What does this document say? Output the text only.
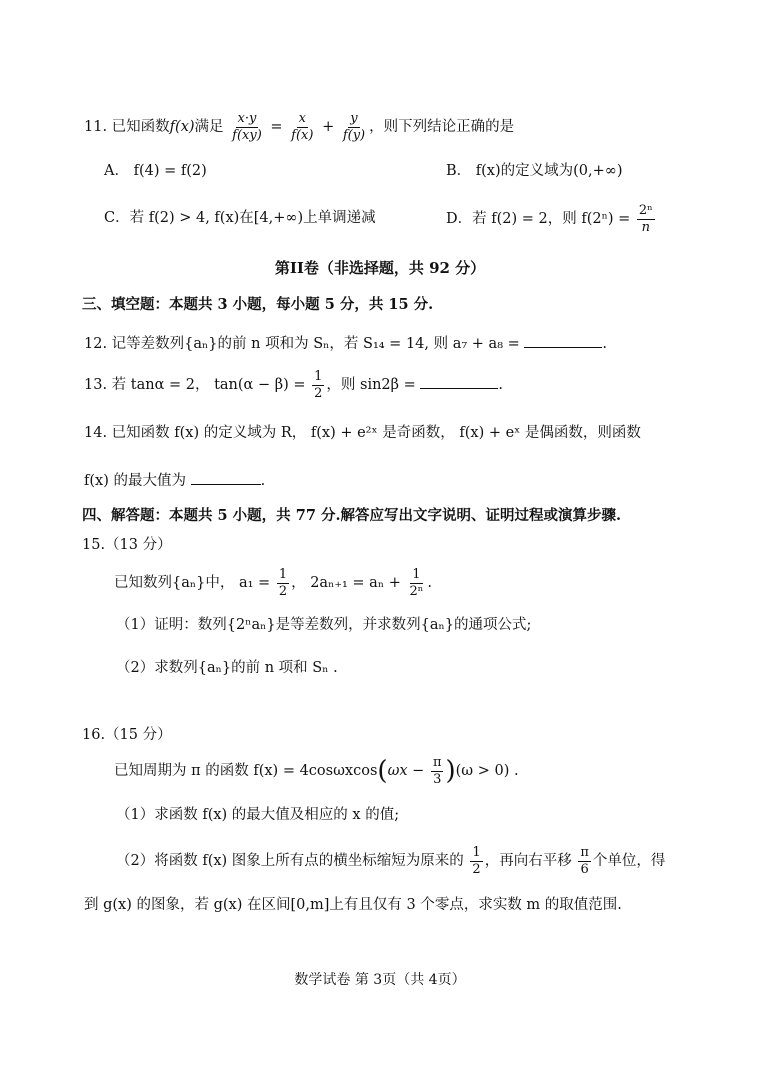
11. 已知函数f(x)满足 $\frac{x\cdot y}{f(xy)} = \frac{x}{f(x)} + \frac{y}{f(y)}$ ，则下列结论正确的是
A． f(4) = f(2)	B． f(x)的定义域为(0,+∞)
C．若 f(2) > 4, f(x)在[4,+∞)上单调递减	D．若 f(2) = 2，则 $f(2^n) = \frac{\text{2ⁿ}}{n}$
第II卷（非选择题，共 92 分）
三、填空题：本题共 3 小题，每小题 5 分，共 15 分.
12. 记等差数列{aₙ}的前 n 项和为 Sₙ，若 S₁₄ = 14, 则 a₇ + a₈ =	.
13. 若 tanα = 2， $\tan(\alpha - \beta) = \frac{1}{2}$ ，则 sin2β =	.
14. 已知函数 f(x) 的定义域为 R， f(x) + e²ˣ 是奇函数， f(x) + eˣ 是偶函数，则函数
f(x) 的最大值为	.
四、解答题：本题共 5 小题，共 77 分.解答应写出文字说明、证明过程或演算步骤.
15.（13 分）
已知数列{aₙ}中， $a_1 = \frac{1}{2}$ ， $2a_{n+1} = a_n + \frac{1}{\text{2ⁿ}}$ .
（1）证明：数列{2ⁿaₙ}是等差数列，并求数列{aₙ}的通项公式;
（2）求数列{aₙ}的前 n 项和 Sₙ .
16.（15 分）
已知周期为 π 的函数 $f(x) = 4\cos\omega xcos(\omega x - \frac{\pi}{3} )(\omega > 0)$ .
（1）求函数 f(x) 的最大值及相应的 x 的值;
（2）将函数 f(x) 图象上所有点的横坐标缩短为原来的 $\frac{1}{2}$ ，再向右平移 $\frac{\pi}{6}$ 个单位，得
到 g(x) 的图象，若 g(x) 在区间[0,m]上有且仅有 3 个零点，求实数 m 的取值范围.
数学试卷 第 3页（共 4页）
